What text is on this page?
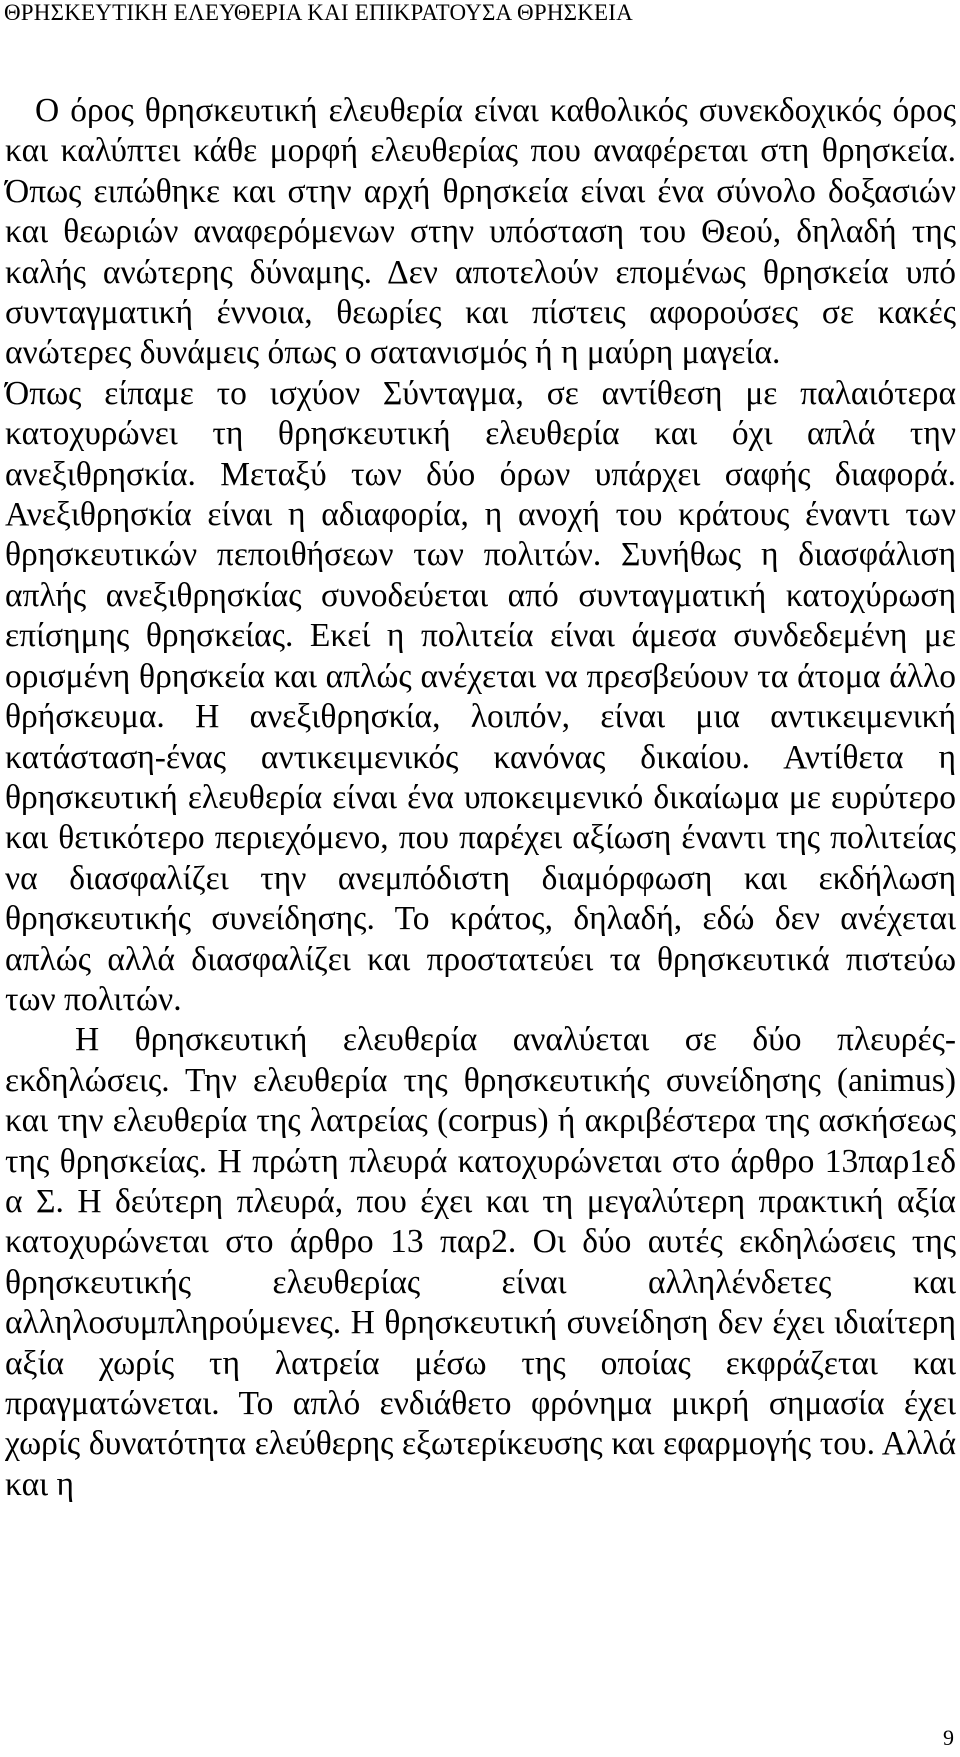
ΘΡΗΣΚΕΥΤΙΚΗ ΕΛΕΥΘΕΡΙΑ ΚΑΙ ΕΠΙΚΡΑΤΟΥΣΑ ΘΡΗΣΚΕΙΑ

Ο όρος θρησκευτική ελευθερία είναι καθολικός συνεκδοχικός όρος και καλύπτει κάθε μορφή ελευθερίας που αναφέρεται στη θρησκεία. Όπως ειπώθηκε και στην αρχή θρησκεία είναι ένα σύνολο δοξασιών και θεωριών αναφερόμενων στην υπόσταση του Θεού, δηλαδή της καλής ανώτερης δύναμης. Δεν αποτελούν επομένως θρησκεία υπό συνταγματική έννοια, θεωρίες και πίστεις αφορούσες σε κακές ανώτερες δυνάμεις όπως ο σατανισμός ή η μαύρη μαγεία.

Όπως είπαμε το ισχύον Σύνταγμα, σε αντίθεση με παλαιότερα κατοχυρώνει τη θρησκευτική ελευθερία και όχι απλά την ανεξιθρησκία. Μεταξύ των δύο όρων υπάρχει σαφής διαφορά. Ανεξιθρησκία είναι η αδιαφορία, η ανοχή του κράτους έναντι των θρησκευτικών πεποιθήσεων των πολιτών. Συνήθως η διασφάλιση απλής ανεξιθρησκίας συνοδεύεται από συνταγματική κατοχύρωση επίσημης θρησκείας. Εκεί η πολιτεία είναι άμεσα συνδεδεμένη με ορισμένη θρησκεία και απλώς ανέχεται να πρεσβεύουν τα άτομα άλλο θρήσκευμα. Η ανεξιθρησκία, λοιπόν, είναι μια αντικειμενική κατάσταση-ένας αντικειμενικός κανόνας δικαίου. Αντίθετα η θρησκευτική ελευθερία είναι ένα υποκειμενικό δικαίωμα με ευρύτερο και θετικότερο περιεχόμενο, που παρέχει αξίωση έναντι της πολιτείας να διασφαλίζει την ανεμπόδιστη διαμόρφωση και εκδήλωση θρησκευτικής συνείδησης. Το κράτος, δηλαδή, εδώ δεν ανέχεται απλώς αλλά διασφαλίζει και προστατεύει τα θρησκευτικά πιστεύω των πολιτών.

Η θρησκευτική ελευθερία αναλύεται σε δύο πλευρές-εκδηλώσεις. Την ελευθερία της θρησκευτικής συνείδησης (animus) και την ελευθερία της λατρείας (corpus) ή ακριβέστερα της ασκήσεως της θρησκείας. Η πρώτη πλευρά κατοχυρώνεται στο άρθρο 13παρ1εδ α Σ. Η δεύτερη πλευρά, που έχει και τη μεγαλύτερη πρακτική αξία κατοχυρώνεται στο άρθρο 13 παρ2. Οι δύο αυτές εκδηλώσεις της θρησκευτικής ελευθερίας είναι αλληλένδετες και αλληλοσυμπληρούμενες. Η θρησκευτική συνείδηση δεν έχει ιδιαίτερη αξία χωρίς τη λατρεία μέσω της οποίας εκφράζεται και πραγματώνεται. Το απλό ενδιάθετο φρόνημα μικρή σημασία έχει χωρίς δυνατότητα ελεύθερης εξωτερίκευσης και εφαρμογής του. Αλλά και η

9
